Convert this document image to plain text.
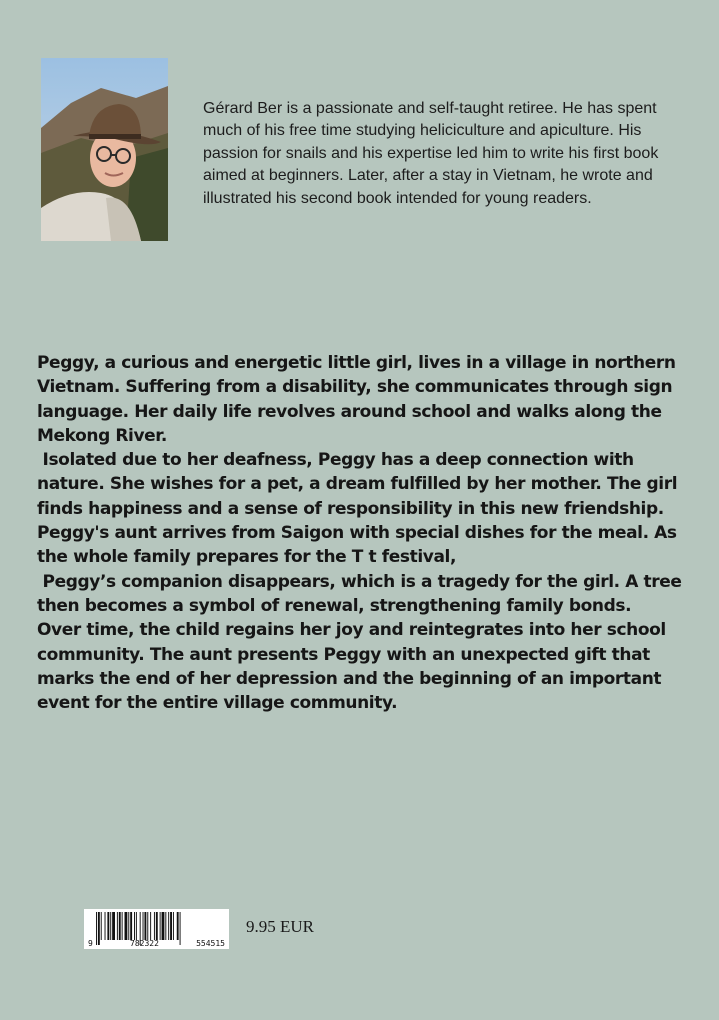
Gérard Ber is a passionate and self-taught retiree. He has spent much of his free time studying heliciculture and apiculture. His passion for snails and his expertise led him to write his first book aimed at beginners. Later, after a stay in Vietnam, he wrote and illustrated his second book intended for young readers.

Peggy, a curious and energetic little girl, lives in a village in northern Vietnam. Suffering from a disability, she communicates through sign language. Her daily life revolves around school and walks along the Mekong River.

Isolated due to her deafness, Peggy has a deep connection with nature. She wishes for a pet, a dream fulfilled by her mother. The girl finds happiness and a sense of responsibility in this new friendship.

Peggy's aunt arrives from Saigon with special dishes for the meal. As the whole family prepares for the T t festival,

Peggy’s companion disappears, which is a tragedy for the girl. A tree then becomes a symbol of renewal, strengthening family bonds.

Over time, the child regains her joy and reintegrates into her school community. The aunt presents Peggy with an unexpected gift that marks the end of her depression and the beginning of an important event for the entire village community.

9	782322	554515
9.95 EUR
